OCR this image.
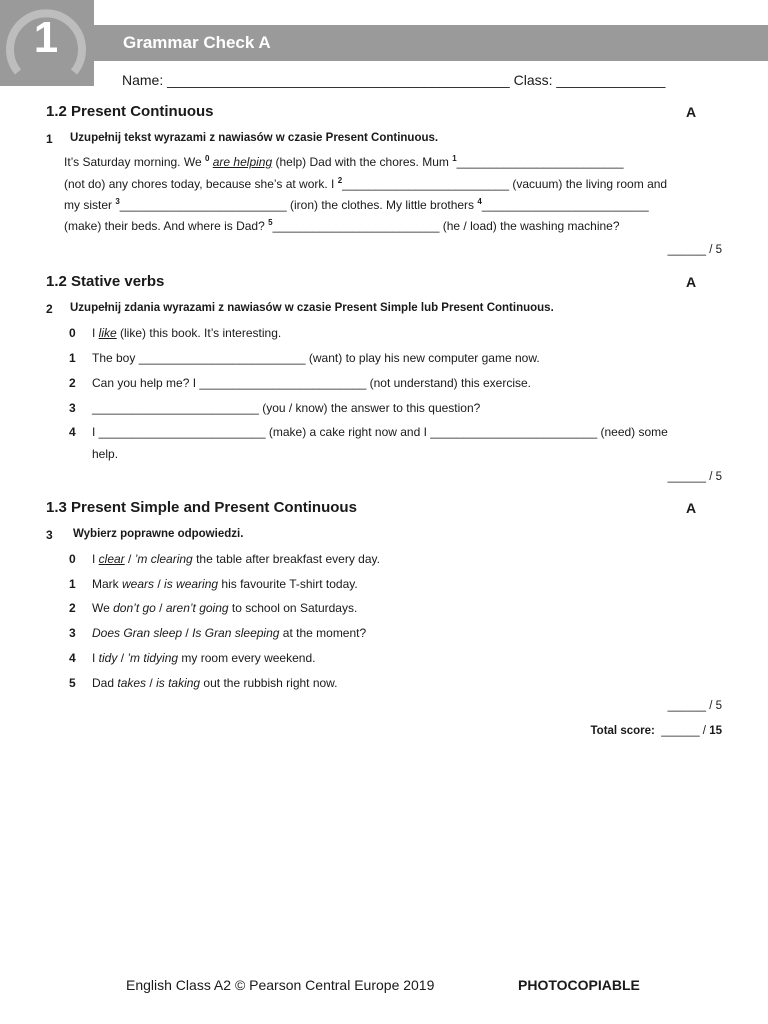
1	Grammar Check A
Name: ____________________________________________ Class: ______________
1.2 Present Continuous	A
1 Uzupełnij tekst wyrazami z nawiasów w czasie Present Continuous.
It’s Saturday morning. We $^0$ are helping (help) Dad with the chores. Mum $^1$_________________________
(not do) any chores today, because she’s at work. I $^2$_________________________ (vacuum) the living room and
my sister $^3$_________________________ (iron) the clothes. My little brothers $^4$_________________________
(make) their beds. And where is Dad? $^5$_________________________ (he / load) the washing machine?
______ / 5
1.2 Stative verbs	A
2 Uzupełnij zdania wyrazami z nawiasów w czasie Present Simple lub Present Continuous.
0 I like (like) this book. It’s interesting.
1 The boy _________________________ (want) to play his new computer game now.
2 Can you help me? I _________________________ (not understand) this exercise.
3 _________________________ (you / know) the answer to this question?
4 I _________________________ (make) a cake right now and I _________________________ (need) some
help.
______ / 5
1.3 Present Simple and Present Continuous	A
3 Wybierz poprawne odpowiedzi.
0 I clear / ’m clearing the table after breakfast every day.
1 Mark wears / is wearing his favourite T-shirt today.
2 We don’t go / aren’t going to school on Saturdays.
3 Does Gran sleep / Is Gran sleeping at the moment?
4 I tidy / ’m tidying my room every weekend.
5 Dad takes / is taking out the rubbish right now.
______ / 5
Total score: ______ / 15
English Class A2 © Pearson Central Europe 2019	PHOTOCOPIABLE
